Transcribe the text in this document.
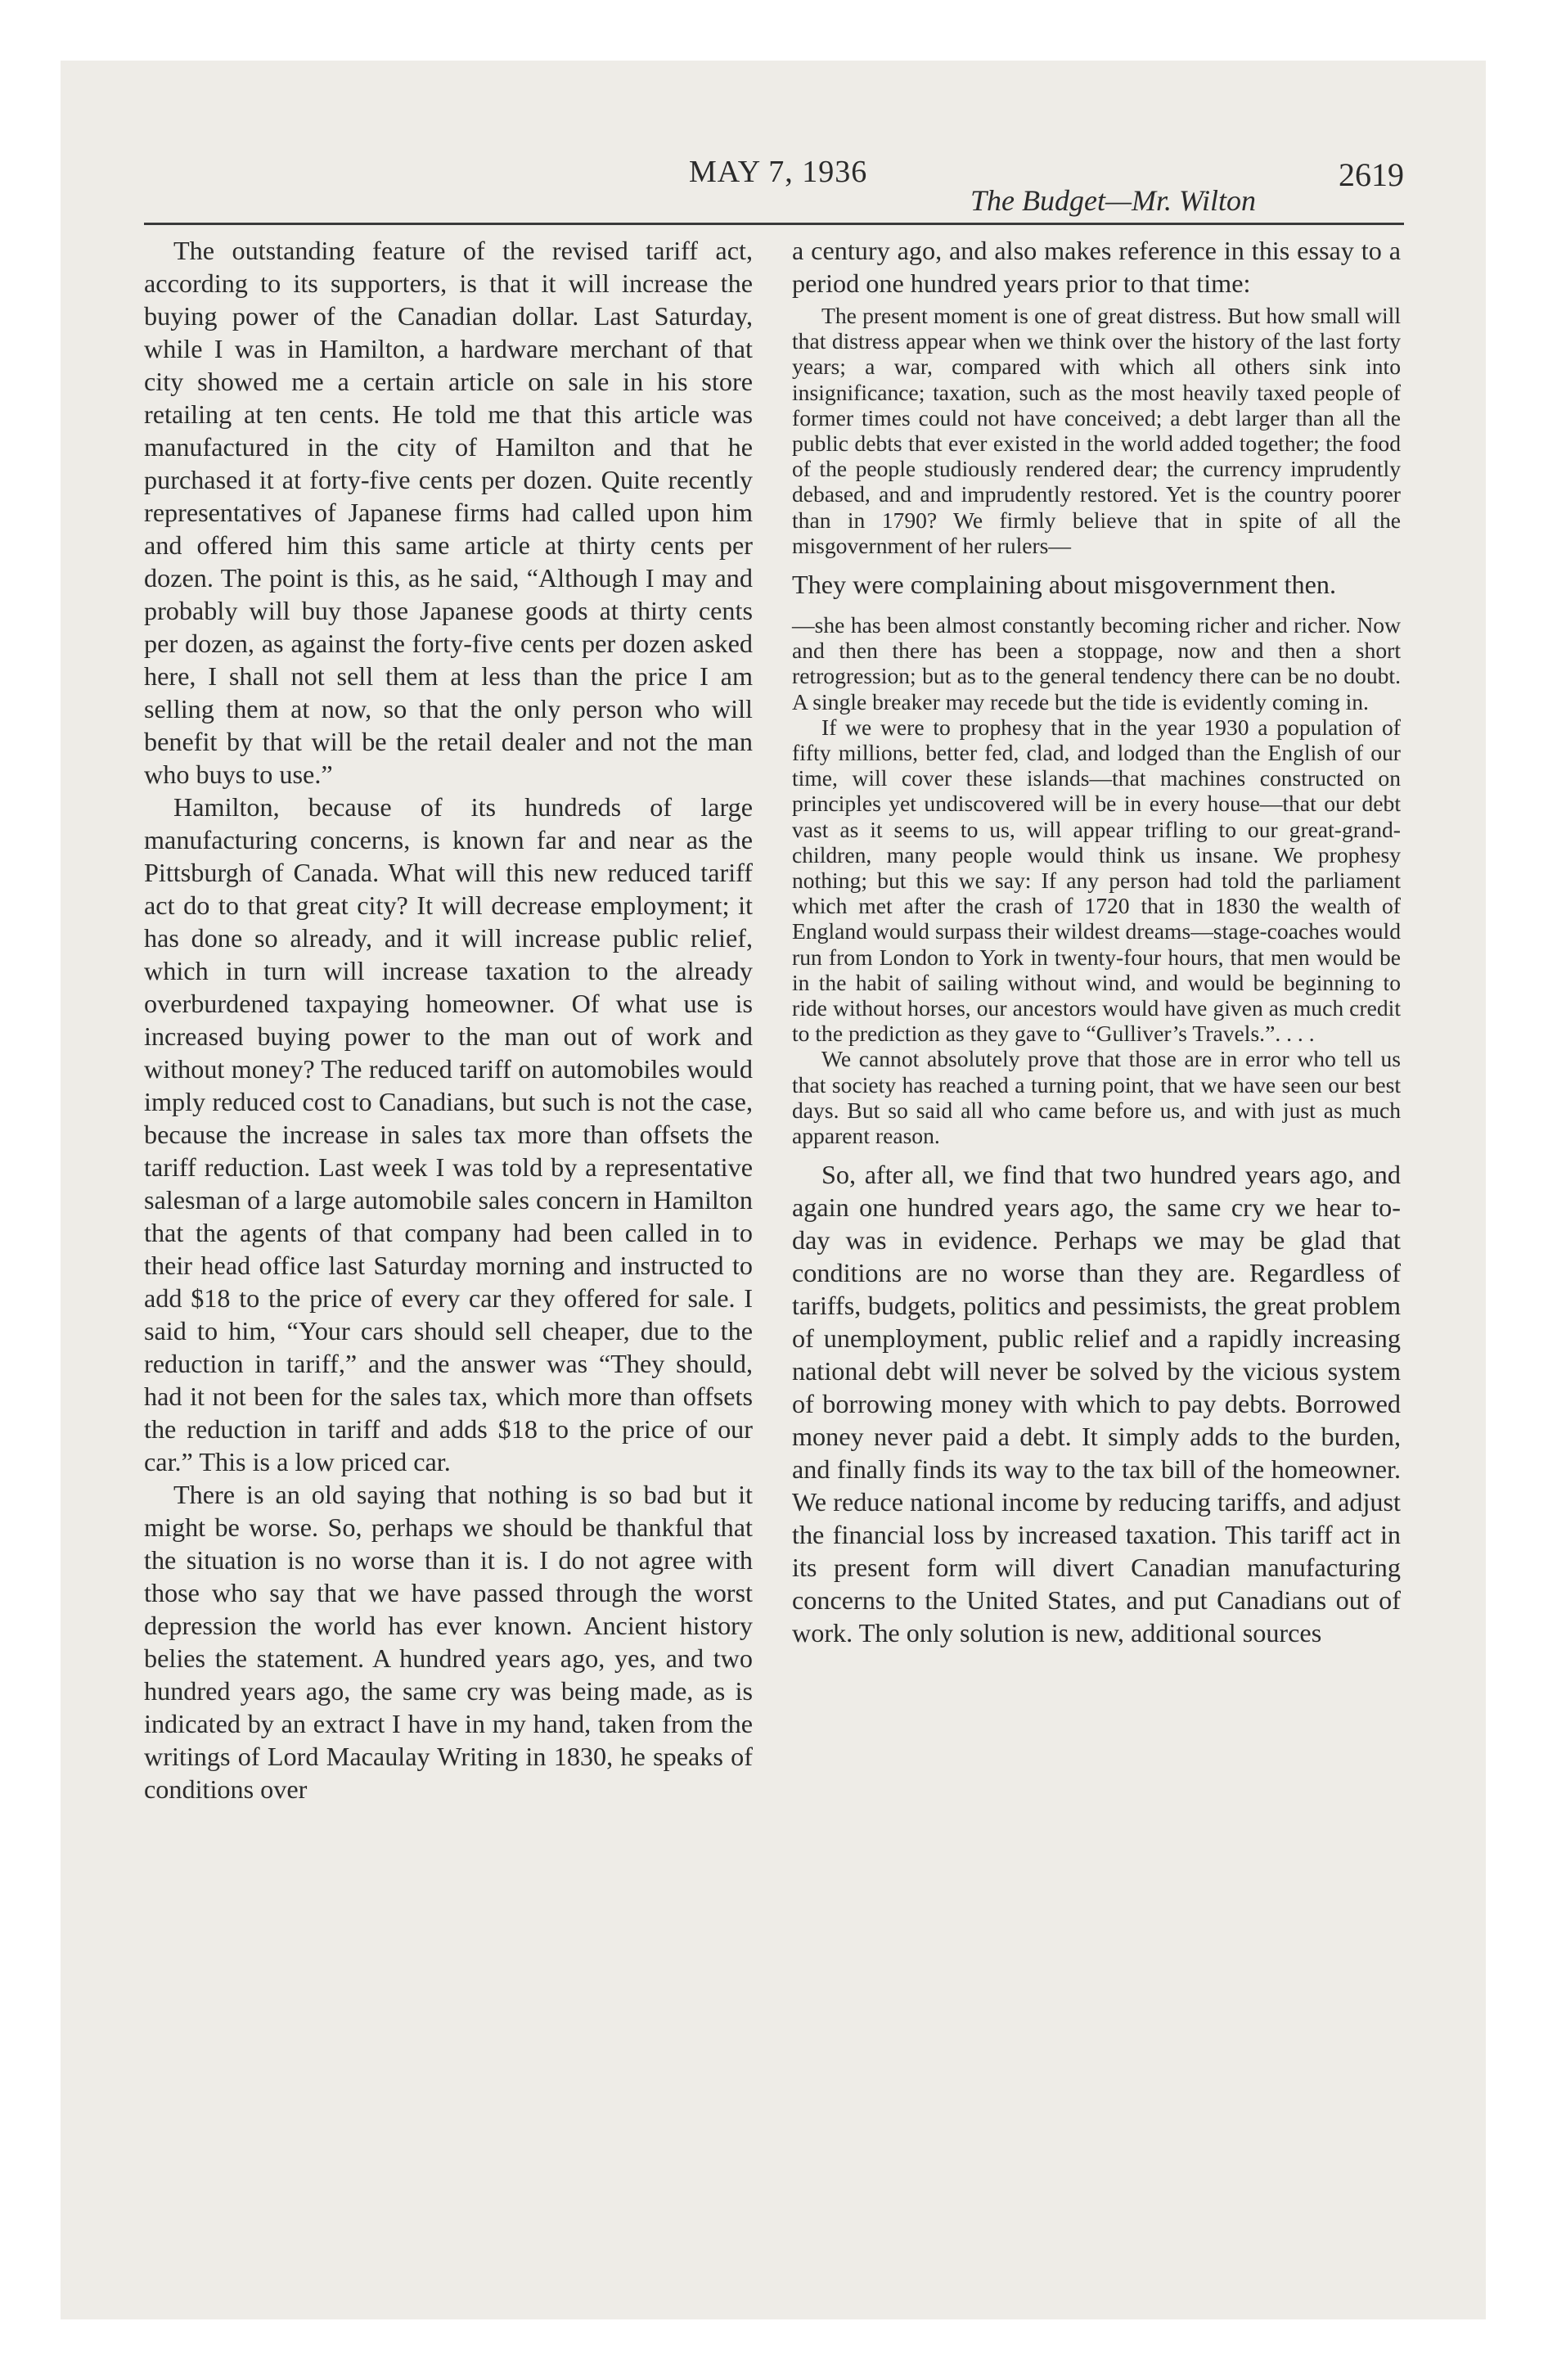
MAY 7, 1936
The Budget—Mr. Wilton
2619

The outstanding feature of the revised tariff act, according to its supporters, is that it will increase the buying power of the Canadian dollar. Last Saturday, while I was in Hamilton, a hardware merchant of that city showed me a certain article on sale in his store retailing at ten cents. He told me that this article was manufactured in the city of Hamilton and that he purchased it at forty-five cents per dozen. Quite recently representatives of Japanese firms had called upon him and offered him this same article at thirty cents per dozen. The point is this, as he said, “Although I may and probably will buy those Japanese goods at thirty cents per dozen, as against the forty-five cents per dozen asked here, I shall not sell them at less than the price I am selling them at now, so that the only person who will benefit by that will be the retail dealer and not the man who buys to use.”

Hamilton, because of its hundreds of large manufacturing concerns, is known far and near as the Pittsburgh of Canada. What will this new reduced tariff act do to that great city? It will decrease employment; it has done so already, and it will increase public relief, which in turn will increase taxation to the already overburdened taxpaying homeowner. Of what use is increased buying power to the man out of work and without money? The reduced tariff on automobiles would imply reduced cost to Canadians, but such is not the case, because the increase in sales tax more than offsets the tariff reduction. Last week I was told by a representative salesman of a large automobile sales concern in Hamilton that the agents of that company had been called in to their head office last Saturday morning and instructed to add $18 to the price of every car they offered for sale. I said to him, “Your cars should sell cheaper, due to the reduction in tariff,” and the answer was “They should, had it not been for the sales tax, which more than offsets the reduction in tariff and adds $18 to the price of our car.” This is a low priced car.

There is an old saying that nothing is so bad but it might be worse. So, perhaps we should be thankful that the situation is no worse than it is. I do not agree with those who say that we have passed through the worst depression the world has ever known. Ancient history belies the statement. A hundred years ago, yes, and two hundred years ago, the same cry was being made, as is indicated by an extract I have in my hand, taken from the writings of Lord Macaulay Writing in 1830, he speaks of conditions over

a century ago, and also makes reference in this essay to a period one hundred years prior to that time:

The present moment is one of great distress. But how small will that distress appear when we think over the history of the last forty years; a war, compared with which all others sink into insignificance; taxation, such as the most heavily taxed people of former times could not have conceived; a debt larger than all the public debts that ever existed in the world added together; the food of the people studiously rendered dear; the currency imprudently debased, and and imprudently restored. Yet is the country poorer than in 1790? We firmly believe that in spite of all the misgovernment of her rulers—

They were complaining about misgovernment then.

—she has been almost constantly becoming richer and richer. Now and then there has been a stoppage, now and then a short retrogression; but as to the general tendency there can be no doubt. A single breaker may recede but the tide is evidently coming in.

If we were to prophesy that in the year 1930 a population of fifty millions, better fed, clad, and lodged than the English of our time, will cover these islands—that machines constructed on principles yet undiscovered will be in every house—that our debt vast as it seems to us, will appear trifling to our great-grand-children, many people would think us insane. We prophesy nothing; but this we say: If any person had told the parliament which met after the crash of 1720 that in 1830 the wealth of England would surpass their wildest dreams—stage-coaches would run from London to York in twenty-four hours, that men would be in the habit of sailing without wind, and would be beginning to ride without horses, our ancestors would have given as much credit to the prediction as they gave to “Gulliver’s Travels.”. . . .

We cannot absolutely prove that those are in error who tell us that society has reached a turning point, that we have seen our best days. But so said all who came before us, and with just as much apparent reason.

So, after all, we find that two hundred years ago, and again one hundred years ago, the same cry we hear to-day was in evidence. Perhaps we may be glad that conditions are no worse than they are. Regardless of tariffs, budgets, politics and pessimists, the great problem of unemployment, public relief and a rapidly increasing national debt will never be solved by the vicious system of borrowing money with which to pay debts. Borrowed money never paid a debt. It simply adds to the burden, and finally finds its way to the tax bill of the homeowner. We reduce national income by reducing tariffs, and adjust the financial loss by increased taxation. This tariff act in its present form will divert Canadian manufacturing concerns to the United States, and put Canadians out of work. The only solution is new, additional sources
